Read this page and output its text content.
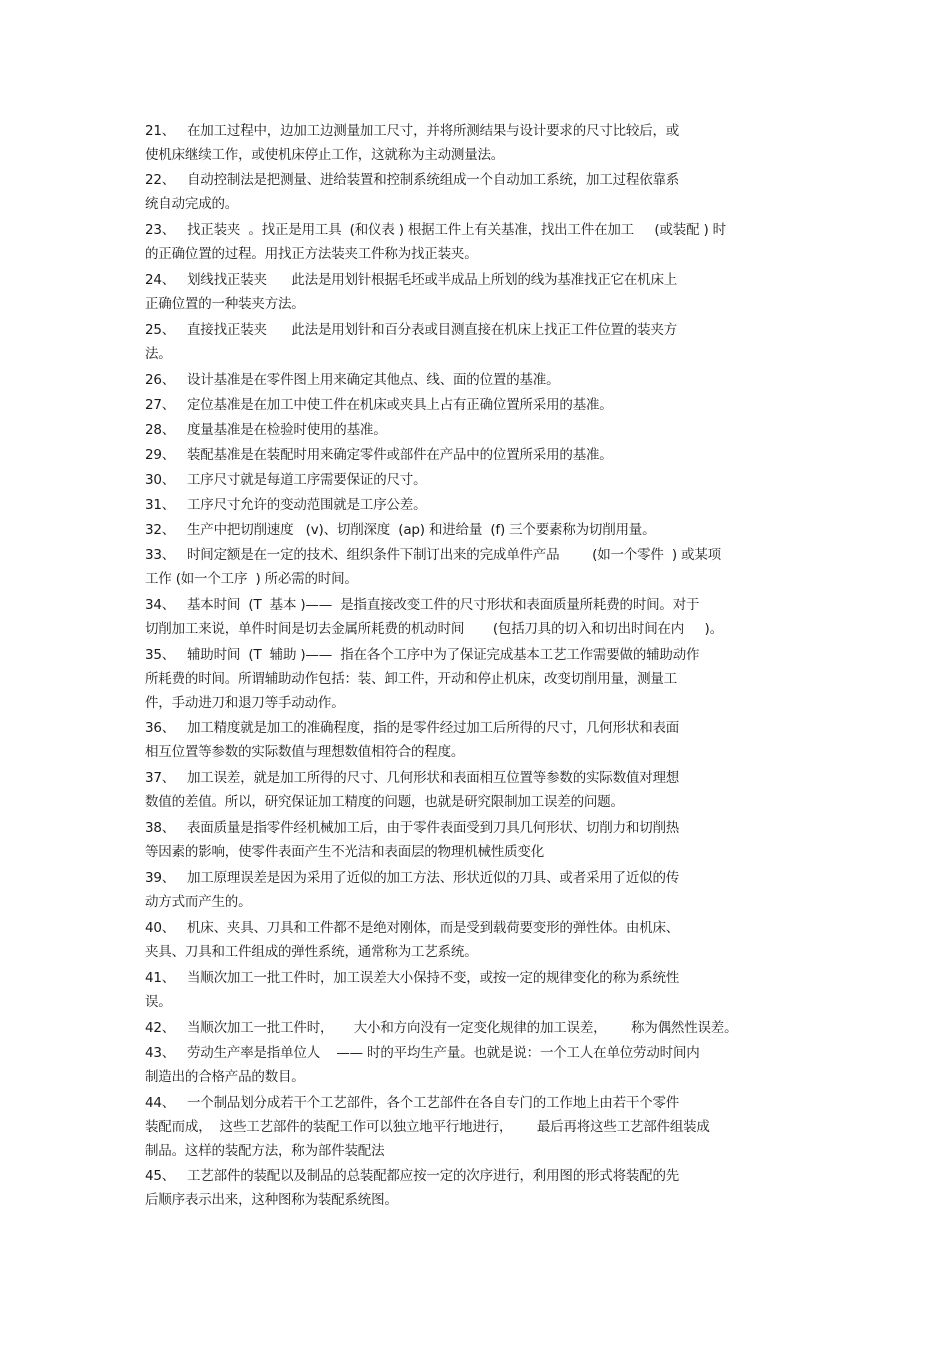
21、 在加工过程中，边加工边测量加工尺寸，并将所测结果与设计要求的尺寸比较后，或
使机床继续工作，或使机床停止工作，这就称为主动测量法。
22、 自动控制法是把测量、进给装置和控制系统组成一个自动加工系统，加工过程依靠系
统自动完成的。
23、 找正装夹  。找正是用工具  (和仪表 ) 根据工件上有关基准，找出工件在加工     (或装配 ) 时
的正确位置的过程。用找正方法装夹工件称为找正装夹。
24、 划线找正装夹      此法是用划针根据毛坯或半成品上所划的线为基准找正它在机床上
正确位置的一种装夹方法。
25、 直接找正装夹      此法是用划针和百分表或目测直接在机床上找正工件位置的装夹方
法。
26、 设计基准是在零件图上用来确定其他点、线、面的位置的基准。
27、 定位基准是在加工中使工件在机床或夹具上占有正确位置所采用的基准。
28、 度量基准是在检验时使用的基准。
29、 装配基准是在装配时用来确定零件或部件在产品中的位置所采用的基准。
30、 工序尺寸就是每道工序需要保证的尺寸。
31、 工序尺寸允许的变动范围就是工序公差。
32、 生产中把切削速度   (v)、切削深度  (ap) 和进给量  (f) 三个要素称为切削用量。
33、 时间定额是在一定的技术、组织条件下制订出来的完成单件产品        (如一个零件  ) 或某项
工作 (如一个工序  ) 所必需的时间。
34、 基本时间  (T  基本 )——  是指直接改变工件的尺寸形状和表面质量所耗费的时间。对于
切削加工来说，单件时间是切去金属所耗费的机动时间       (包括刀具的切入和切出时间在内     )。
35、 辅助时间  (T  辅助 )——  指在各个工序中为了保证完成基本工艺工作需要做的辅助动作
所耗费的时间。所谓辅助动作包括：装、卸工件，开动和停止机床，改变切削用量，测量工
件，手动进刀和退刀等手动动作。
36、 加工精度就是加工的准确程度，指的是零件经过加工后所得的尺寸，几何形状和表面
相互位置等参数的实际数值与理想数值相符合的程度。
37、 加工误差，就是加工所得的尺寸、几何形状和表面相互位置等参数的实际数值对理想
数值的差值。所以，研究保证加工精度的问题，也就是研究限制加工误差的问题。
38、 表面质量是指零件经机械加工后，由于零件表面受到刀具几何形状、切削力和切削热
等因素的影响，使零件表面产生不光洁和表面层的物理机械性质变化
39、 加工原理误差是因为采用了近似的加工方法、形状近似的刀具、或者采用了近似的传
动方式而产生的。
40、 机床、夹具、刀具和工件都不是绝对刚体，而是受到载荷要变形的弹性体。由机床、
夹具、刀具和工件组成的弹性系统，通常称为工艺系统。
41、 当顺次加工一批工件时，加工误差大小保持不变，或按一定的规律变化的称为系统性
误。
42、 当顺次加工一批工件时，     大小和方向没有一定变化规律的加工误差，      称为偶然性误差。
43、 劳动生产率是指单位人    —— 时的平均生产量。也就是说：一个工人在单位劳动时间内
制造出的合格产品的数目。
44、 一个制品划分成若干个工艺部件，各个工艺部件在各自专门的工作地上由若干个零件
装配而成，  这些工艺部件的装配工作可以独立地平行地进行，      最后再将这些工艺部件组装成
制品。这样的装配方法，称为部件装配法
45、 工艺部件的装配以及制品的总装配都应按一定的次序进行，利用图的形式将装配的先
后顺序表示出来，这种图称为装配系统图。
